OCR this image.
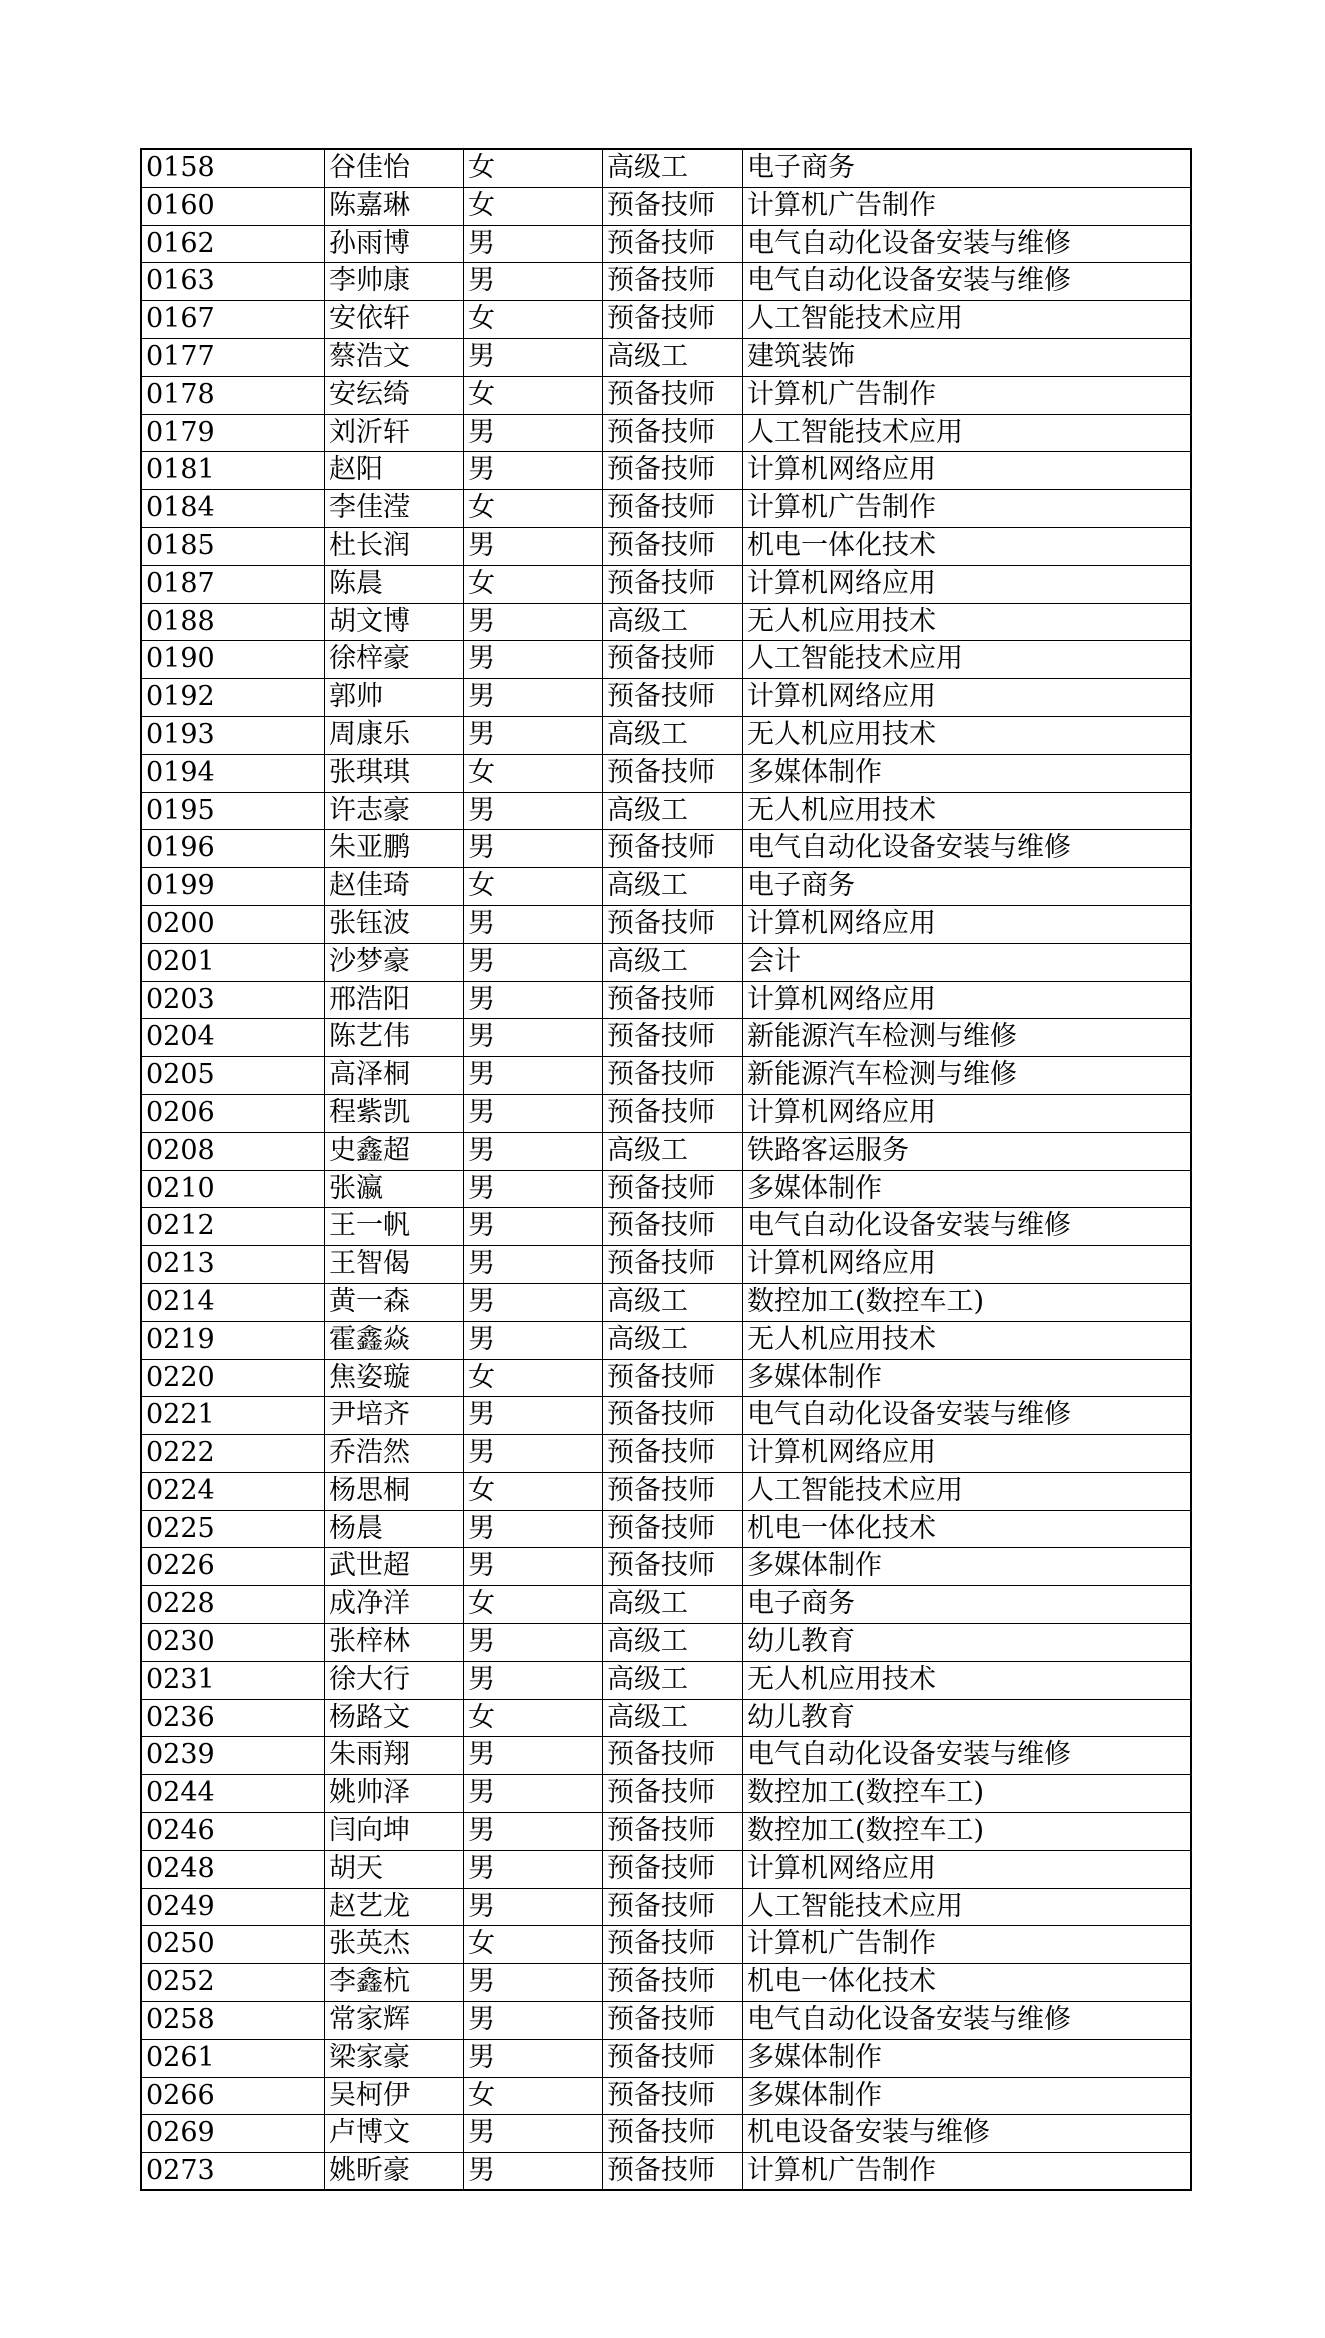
0158	谷佳怡	女	高级工	电子商务
0160	陈嘉琳	女	预备技师	计算机广告制作
0162	孙雨博	男	预备技师	电气自动化设备安装与维修
0163	李帅康	男	预备技师	电气自动化设备安装与维修
0167	安依轩	女	预备技师	人工智能技术应用
0177	蔡浩文	男	高级工	建筑装饰
0178	安纭绮	女	预备技师	计算机广告制作
0179	刘沂轩	男	预备技师	人工智能技术应用
0181	赵阳	男	预备技师	计算机网络应用
0184	李佳滢	女	预备技师	计算机广告制作
0185	杜长润	男	预备技师	机电一体化技术
0187	陈晨	女	预备技师	计算机网络应用
0188	胡文博	男	高级工	无人机应用技术
0190	徐梓豪	男	预备技师	人工智能技术应用
0192	郭帅	男	预备技师	计算机网络应用
0193	周康乐	男	高级工	无人机应用技术
0194	张琪琪	女	预备技师	多媒体制作
0195	许志豪	男	高级工	无人机应用技术
0196	朱亚鹏	男	预备技师	电气自动化设备安装与维修
0199	赵佳琦	女	高级工	电子商务
0200	张钰波	男	预备技师	计算机网络应用
0201	沙梦豪	男	高级工	会计
0203	邢浩阳	男	预备技师	计算机网络应用
0204	陈艺伟	男	预备技师	新能源汽车检测与维修
0205	高泽桐	男	预备技师	新能源汽车检测与维修
0206	程紫凯	男	预备技师	计算机网络应用
0208	史鑫超	男	高级工	铁路客运服务
0210	张瀛	男	预备技师	多媒体制作
0212	王一帆	男	预备技师	电气自动化设备安装与维修
0213	王智偈	男	预备技师	计算机网络应用
0214	黄一森	男	高级工	数控加工(数控车工)
0219	霍鑫焱	男	高级工	无人机应用技术
0220	焦姿璇	女	预备技师	多媒体制作
0221	尹培齐	男	预备技师	电气自动化设备安装与维修
0222	乔浩然	男	预备技师	计算机网络应用
0224	杨思桐	女	预备技师	人工智能技术应用
0225	杨晨	男	预备技师	机电一体化技术
0226	武世超	男	预备技师	多媒体制作
0228	成净洋	女	高级工	电子商务
0230	张梓林	男	高级工	幼儿教育
0231	徐大行	男	高级工	无人机应用技术
0236	杨路文	女	高级工	幼儿教育
0239	朱雨翔	男	预备技师	电气自动化设备安装与维修
0244	姚帅泽	男	预备技师	数控加工(数控车工)
0246	闫向坤	男	预备技师	数控加工(数控车工)
0248	胡天	男	预备技师	计算机网络应用
0249	赵艺龙	男	预备技师	人工智能技术应用
0250	张英杰	女	预备技师	计算机广告制作
0252	李鑫杭	男	预备技师	机电一体化技术
0258	常家辉	男	预备技师	电气自动化设备安装与维修
0261	梁家豪	男	预备技师	多媒体制作
0266	吴柯伊	女	预备技师	多媒体制作
0269	卢博文	男	预备技师	机电设备安装与维修
0273	姚昕豪	男	预备技师	计算机广告制作
